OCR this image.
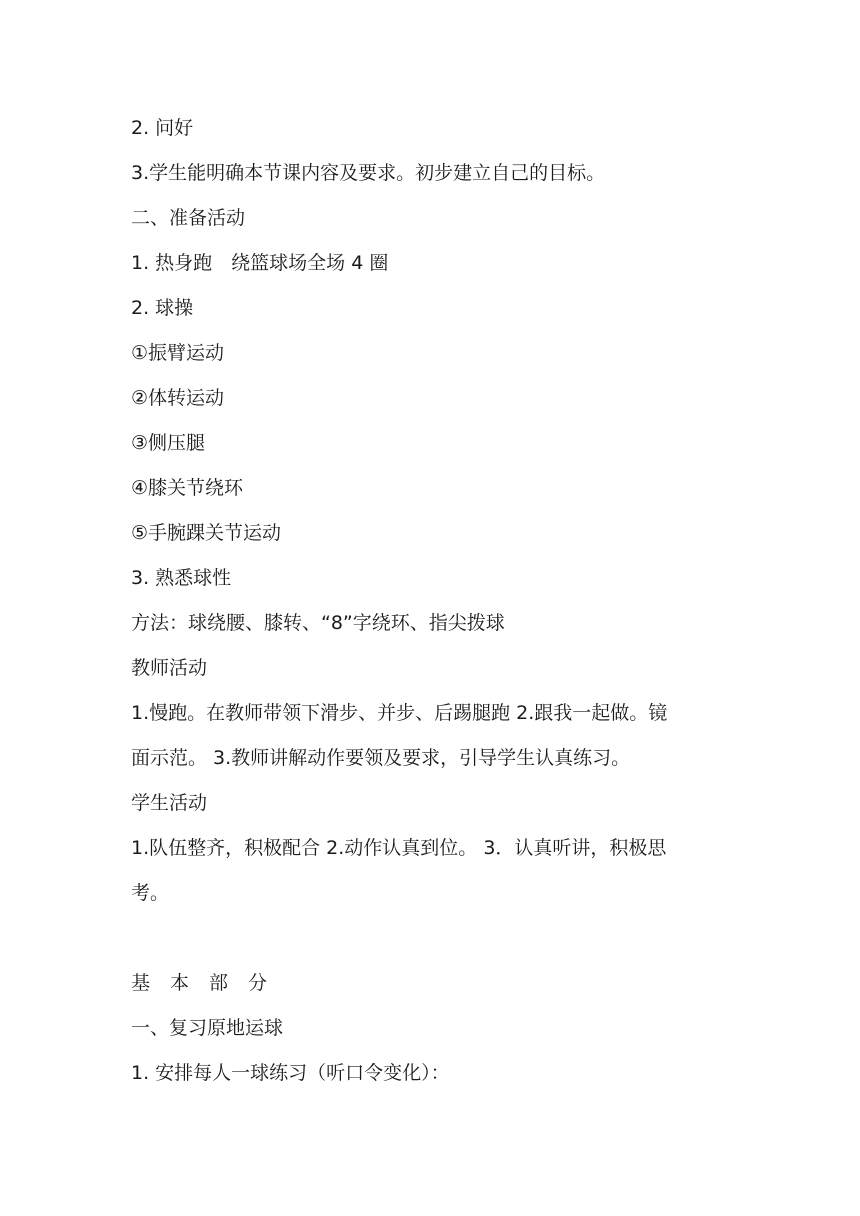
2. 问好
3.学生能明确本节课内容及要求。初步建立自己的目标。
二、准备活动
1. 热身跑　绕篮球场全场 4 圈
2. 球操
①振臂运动
②体转运动
③侧压腿
④膝关节绕环
⑤手腕踝关节运动
3. 熟悉球性
方法：球绕腰、膝转、“8”字绕环、指尖拨球
教师活动
1.慢跑。在教师带领下滑步、并步、后踢腿跑 2.跟我一起做。镜
面示范。 3.教师讲解动作要领及要求，引导学生认真练习。
学生活动
1.队伍整齐，积极配合 2.动作认真到位。 3．认真听讲，积极思
考。
基本部分
一、复习原地运球
1. 安排每人一球练习（听口令变化）：
